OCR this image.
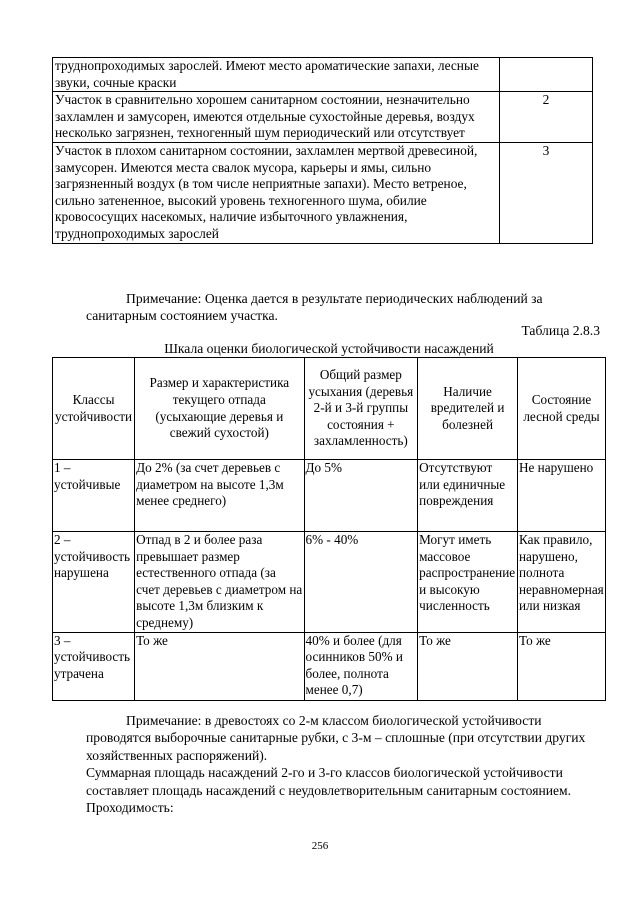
труднопроходимых зарослей. Имеют место ароматические запахи, лесные звуки, сочные краски	
Участок в сравнительно хорошем санитарном состоянии, незначительно захламлен и замусорен, имеются отдельные сухостойные деревья, воздух несколько загрязнен, техногенный шум периодический или отсутствует	2
Участок в плохом санитарном состоянии, захламлен мертвой древесиной, замусорен. Имеются места свалок мусора, карьеры и ямы, сильно загрязненный воздух (в том числе неприятные запахи). Место ветреное, сильно затененное, высокий уровень техногенного шума, обилие кровососущих насекомых, наличие избыточного увлажнения, труднопроходимых зарослей	3
Примечание: Оценка дается в результате периодических наблюдений за санитарным состоянием участка.
Таблица 2.8.3
Шкала оценки биологической устойчивости насаждений
Классы устойчивости	Размер и характеристика текущего отпада (усыхающие деревья и свежий сухостой)	Общий размер усыхания (деревья 2-й и 3-й группы состояния + захламленность)	Наличие вредителей и болезней	Состояние лесной среды
1 – устойчивые	До 2% (за счет деревьев с диаметром на высоте 1,3м менее среднего)	До 5%	Отсутствуют или единичные повреждения	Не нарушено
2 – устойчивость нарушена	Отпад в 2 и более раза превышает размер естественного отпада (за счет деревьев с диаметром на высоте 1,3м близким к среднему)	6% - 40%	Могут иметь массовое распространение и высокую численность	Как правило, нарушено, полнота неравномерная или низкая
3 – устойчивость утрачена	То же	40% и более (для осинников 50% и более, полнота менее 0,7)	То же	То же

Примечание: в древостоях со 2-м классом биологической устойчивости проводятся выборочные санитарные рубки, с 3-м – сплошные (при отсутствии других хозяйственных распоряжений).

Суммарная площадь насаждений 2-го и 3-го классов биологической устойчивости составляет площадь насаждений с неудовлетворительным санитарным состоянием.

Проходимость:

256
